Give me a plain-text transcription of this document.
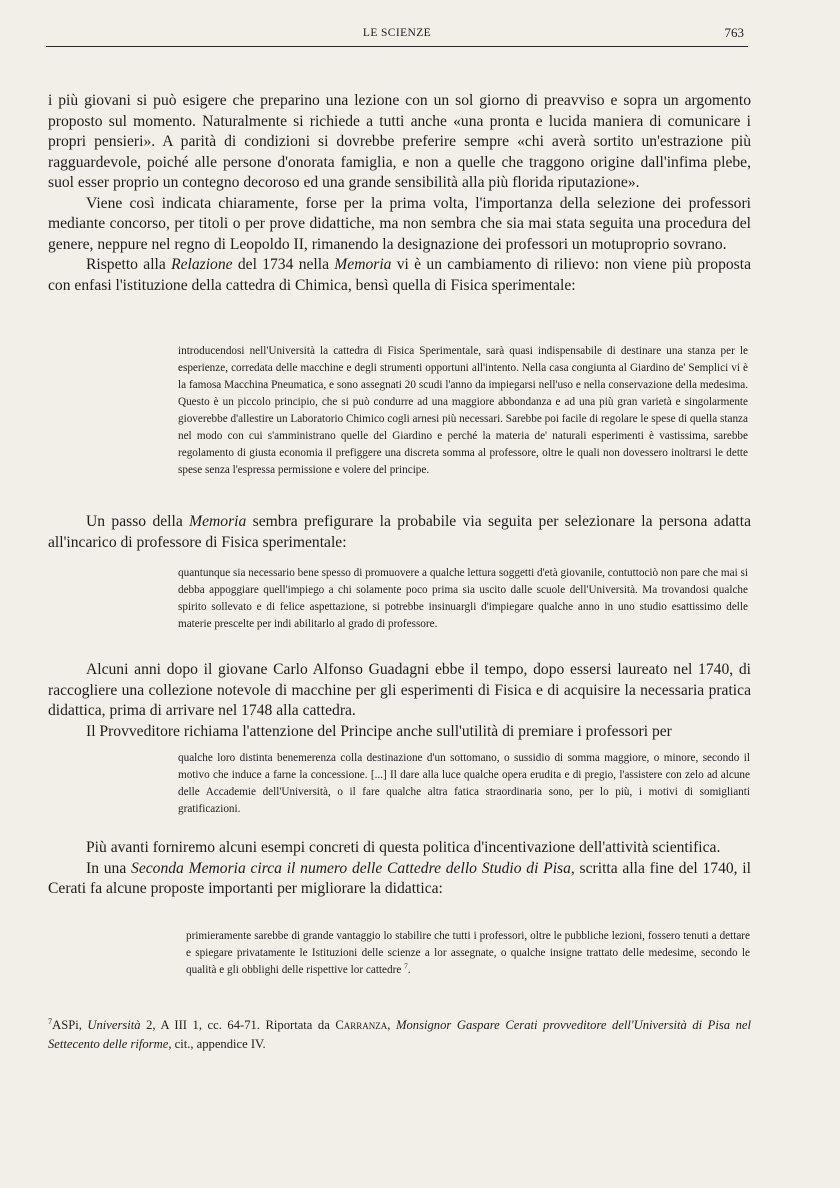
LE SCIENZE	763

i più giovani si può esigere che preparino una lezione con un sol giorno di preavviso e sopra un argomento proposto sul momento. Naturalmente si richiede a tutti anche «una pronta e lucida maniera di comunicare i propri pensieri». A parità di condizioni si dovrebbe preferire sempre «chi averà sortito un'estrazione più ragguardevole, poiché alle persone d'onorata famiglia, e non a quelle che traggono origine dall'infima plebe, suol esser proprio un contegno decoroso ed una grande sensibilità alla più florida riputazione».

Viene così indicata chiaramente, forse per la prima volta, l'importanza della selezione dei professori mediante concorso, per titoli o per prove didattiche, ma non sembra che sia mai stata seguita una procedura del genere, neppure nel regno di Leopoldo II, rimanendo la designazione dei professori un motuproprio sovrano.

Rispetto alla Relazione del 1734 nella Memoria vi è un cambiamento di rilievo: non viene più proposta con enfasi l'istituzione della cattedra di Chimica, bensì quella di Fisica sperimentale:

introducendosi nell'Università la cattedra di Fisica Sperimentale, sarà quasi indispensabile di destinare una stanza per le esperienze, corredata delle macchine e degli strumenti opportuni all'intento. Nella casa congiunta al Giardino de' Semplici vi è la famosa Macchina Pneumatica, e sono assegnati 20 scudi l'anno da impiegarsi nell'uso e nella conservazione della medesima. Questo è un piccolo principio, che si può condurre ad una maggiore abbondanza e ad una più gran varietà e singolarmente gioverebbe d'allestire un Laboratorio Chimico cogli arnesi più necessari. Sarebbe poi facile di regolare le spese di quella stanza nel modo con cui s'amministrano quelle del Giardino e perché la materia de' naturali esperimenti è vastissima, sarebbe regolamento di giusta economia il prefiggere una discreta somma al professore, oltre le quali non dovessero inoltrarsi le dette spese senza l'espressa permissione e volere del principe.

Un passo della Memoria sembra prefigurare la probabile via seguita per selezionare la persona adatta all'incarico di professore di Fisica sperimentale:

quantunque sia necessario bene spesso di promuovere a qualche lettura soggetti d'età giovanile, contuttociò non pare che mai si debba appoggiare quell'impiego a chi solamente poco prima sia uscito dalle scuole dell'Università. Ma trovandosi qualche spirito sollevato e di felice aspettazione, si potrebbe insinuargli d'impiegare qualche anno in uno studio esattissimo delle materie prescelte per indi abilitarlo al grado di professore.

Alcuni anni dopo il giovane Carlo Alfonso Guadagni ebbe il tempo, dopo essersi laureato nel 1740, di raccogliere una collezione notevole di macchine per gli esperimenti di Fisica e di acquisire la necessaria pratica didattica, prima di arrivare nel 1748 alla cattedra.

Il Provveditore richiama l'attenzione del Principe anche sull'utilità di premiare i professori per

qualche loro distinta benemerenza colla destinazione d'un sottomano, o sussidio di somma maggiore, o minore, secondo il motivo che induce a farne la concessione. [...] Il dare alla luce qualche opera erudita e di pregio, l'assistere con zelo ad alcune delle Accademie dell'Università, o il fare qualche altra fatica straordinaria sono, per lo più, i motivi di somiglianti gratificazioni.

Più avanti forniremo alcuni esempi concreti di questa politica d'incentivazione dell'attività scientifica.

In una Seconda Memoria circa il numero delle Cattedre dello Studio di Pisa, scritta alla fine del 1740, il Cerati fa alcune proposte importanti per migliorare la didattica:

primieramente sarebbe di grande vantaggio lo stabilire che tutti i professori, oltre le pubbliche lezioni, fossero tenuti a dettare e spiegare privatamente le Istituzioni delle scienze a lor assegnate, o qualche insigne trattato delle medesime, secondo le qualità e gli obblighi delle rispettive lor cattedre $^7$.

$^7$ASPi, Università 2, A III 1, cc. 64-71. Riportata da Carranza, Monsignor Gaspare Cerati provveditore dell'Università di Pisa nel Settecento delle riforme, cit., appendice IV.
